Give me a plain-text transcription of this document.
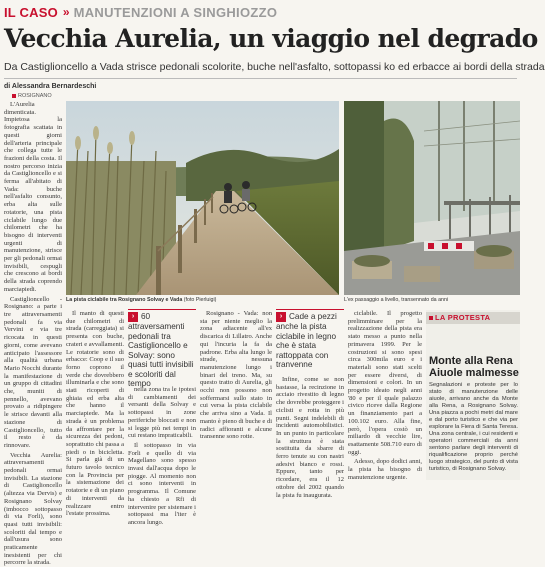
IL CASO » MANUTENZIONI A SINGHIOZZO
Vecchia Aurelia, un viaggio nel degrado
Da Castiglioncello a Vada strisce pedonali scolorite, buche nell'asfalto, sottopassi ko ed erbacce ai bordi della strada
di Alessandra Bernardeschi
ROSIGNANO

L'Aurelia dimenticata. Impietosa la fotografia scattata in questi giorni dell'arteria principale che collega tutte le frazioni della costa. Il nostro percorso inizia da Castiglioncello e si ferma all'abitato di Vada: buche nell'asfalto consunto, erba alta sulle rotatorie, una pista ciclabile lungo due chilometri che ha bisogno di interventi urgenti di manutenzione, strisce per gli pedonali ormai invisibili, cespugli che crescono ai bordi della strada coprendo marciapiedi.

Castiglioncello - Rosignano: a parte i tre attraversamenti pedonali fa via Vervini e via tre ricocata in questi giorni, come avevano anticipato l'assessore alla qualità urbana Mario Nocchi durante la manifestazione di un gruppo di cittadini che, muniti di pennello, avevano provato a ridipingere le strisce davanti alla stazione di Castiglioncello, tutto il resto è da rinnovare.

Vecchia Aurelia: attraversamenti pedonali ormai invisibili. La stazione di Castiglioncello (altezza via Dervis) e Rosignano Solvay (imbocco sottopasso di via Forli), sono quasi tutti invisibili: scoloriti dal tempo e dall'usura sono praticamente inesistenti per chi percorre la strada.

La pista ciclabile tra Rosignano Solvay e Vada (foto Pierluigi)	L'ex passaggio a livello, transennato da anni

Il manto di questi due chilometri di strada (carreggiata) si presenta con buche, crateri e avvallamenti. Le rotatorie sono di erbacce: Coop e il suo forno coprono il verde che dovrebbero illuminarla e che sono stati ricoperti di ghiaia ed erba alta che hanno il marciapiede. Ma la strada è un problema da affrontare per la sicurezza dei pedoni, soprattutto chi passa a piedi o in bicicletta. Si parla già di un futuro tavolo tecnico con la Provincia per la sistemazione dei rotatorie e di un piano di interventi da realizzare entro l'estate prossima.

› 60 attraversamenti pedonali tra Castiglioncello e Solvay: sono quasi tutti invisibili e scoloriti dal tempo

nella zona tra le ipotesi di cambiamenti dei versanti della Solvay e sottopassi in zone periferiche bloccati e non si legge più nei tempi in cui restano impraticabili.

Il sottopasso in via Forli e quello di via Magellano sono spesso invasi dall'acqua dopo le piogge. Al momento non ci sono interventi in programma. Il Comune ha chiesto a Rfi di intervenire per sistemare i sottopassi ma l'iter è ancora lungo.

Rosignano - Vada: non sta per niente meglio la zona adiacente all'ex discarica di Lillatro. Anche qui l'incuria la fa da padrone. Erba alta lungo le strade, nessuna manutenzione lungo i binari del treno. Ma, su questo tratto di Aurelia, gli occhi non possono non soffermarsi sullo stato in cui versa la pista ciclabile che arriva sino a Vada. Il manto è pieno di buche e di radici affioranti e alcune transenne sono rotte.

› Cade a pezzi anche la pista ciclabile in legno che è stata rattoppata con tranvenne

Infine, come se non bastasse, la recinzione in acciaio rivestito di legno che dovrebbe proteggere i ciclisti e rotta in più punti. Segni indelebili di incidenti automobilistici. In un punto in particolare la struttura è stata sostituita da sbarre di ferro tenute su con nastri adesivi bianco e rossi. Eppure, tanto per ricordare, era il 12 ottobre del 2002 quando la pista fu inaugurata.

ciclabile. Il progetto prelimminare per la realizzazione della pista era stato messo a punto nella primavera 1999. Per le costruzioni si sono spesi circa 300mila euro e i materiali sono stati scelti per essere diversi, di dimensioni e colori. In un progetto ideato negli anni '80 e per il quale palazzo civico riceve dalla Regione un finanziamento pari a 100.102 euro. Alla fine, però, l'opera costò un miliardo di vecchie lire, esattamente 508.710 euro di oggi.

Adesso, dopo dodici anni, la pista ha bisogno di manutenzione urgente.

LA PROTESTA
Monte alla Rena Aiuole malmesse
Segnalazioni e proteste per lo stato di manutenzione delle aiuole, arrivano anche da Monte alla Rena, a Rosignano Solvay. Una piazza a pochi metri dal mare e dal porto turistico e che via per esplorare la Fiera di Santa Teresa. Una zona centrale, i cui residenti e operatori commerciali da anni sentono parlare degli interventi di riqualificazione proprio perché luogo strategico, del punto di vista turistico, di Rosignano Solvay.
